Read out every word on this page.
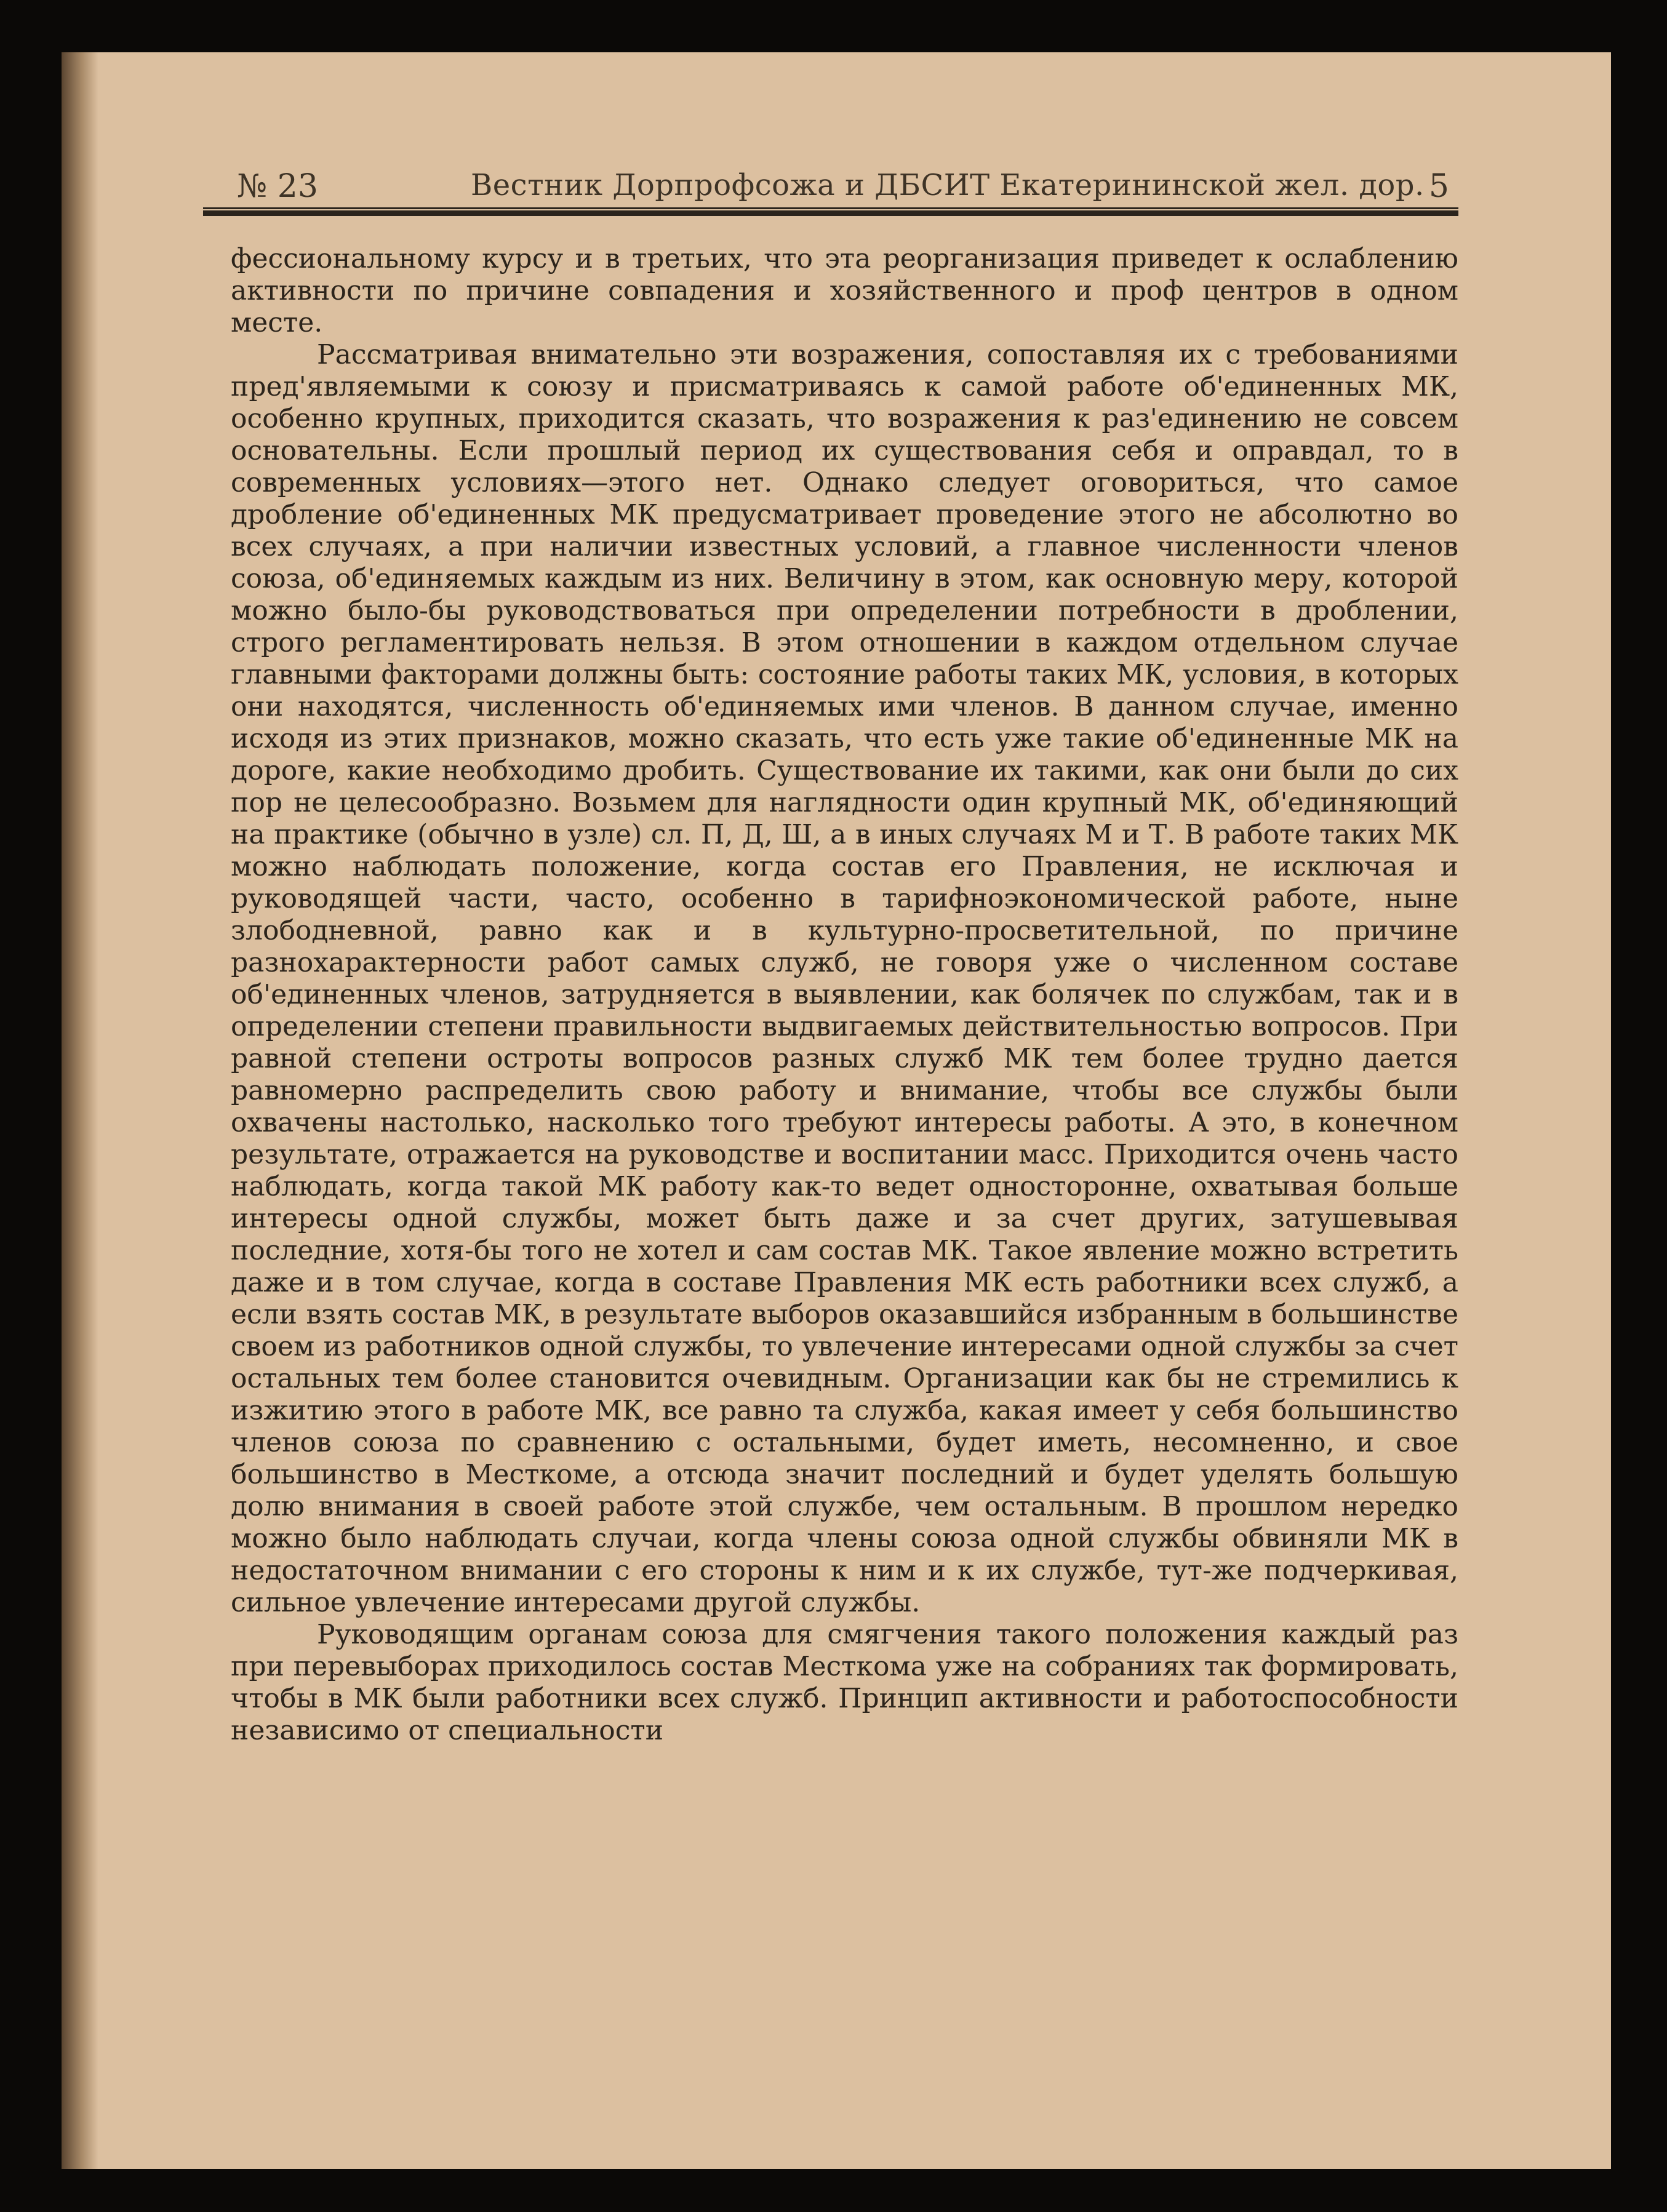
№ 23	Вестник Дорпрофсожа и ДБСИТ Екатерининской жел. дор. 5

фессиональному курсу и в третьих, что эта реорганизация приведет к ослаблению активности по причине совпадения и хозяйственного и проф центров в одном месте.

Рассматривая внимательно эти возражения, сопоставляя их с требованиями пред'являемыми к союзу и присматриваясь к самой работе об'единенных МК, особенно крупных, приходится сказать, что возражения к раз'единению не совсем основательны. Если прошлый период их существования себя и оправдал, то в современных условиях—этого нет. Однако следует оговориться, что самое дробление об'единенных МК предусматривает проведение этого не абсолютно во всех случаях, а при наличии известных условий, а главное численности членов союза, об'единяемых каждым из них. Величину в этом, как основную меру, которой можно было-бы руководствоваться при определении потребности в дроблении, строго регламентировать нельзя. В этом отношении в каждом отдельном случае главными факторами должны быть: состояние работы таких МК, условия, в которых они находятся, численность об'единяемых ими членов. В данном случае, именно исходя из этих признаков, можно сказать, что есть уже такие об'единенные МК на дороге, какие необходимо дробить. Существование их такими, как они были до сих пор не целесообразно. Возьмем для наглядности один крупный МК, об'единяющий на практике (обычно в узле) сл. П, Д, Ш, а в иных случаях М и Т. В работе таких МК можно наблюдать положение, когда состав его Правления, не исключая и руководящей части, часто, особенно в тарифноэкономической работе, ныне злободневной, равно как и в культурно-просветительной, по причине разнохарактерности работ самых служб, не говоря уже о численном составе об'единенных членов, затрудняется в выявлении, как болячек по службам, так и в определении степени правильности выдвигаемых действительностью вопросов. При равной степени остроты вопросов разных служб МК тем более трудно дается равномерно распределить свою работу и внимание, чтобы все службы были охвачены настолько, насколько того требуют интересы работы. А это, в конечном результате, отражается на руководстве и воспитании масс. Приходится очень часто наблюдать, когда такой МК работу как-то ведет односторонне, охватывая больше интересы одной службы, может быть даже и за счет других, затушевывая последние, хотя-бы того не хотел и сам состав МК. Такое явление можно встретить даже и в том случае, когда в составе Правления МК есть работники всех служб, а если взять состав МК, в результате выборов оказавшийся избранным в большинстве своем из работников одной службы, то увлечение интересами одной службы за счет остальных тем более становится очевидным. Организации как бы не стремились к изжитию этого в работе МК, все равно та служба, какая имеет у себя большинство членов союза по сравнению с остальными, будет иметь, несомненно, и свое большинство в Месткоме, а отсюда значит последний и будет уделять большую долю внимания в своей работе этой службе, чем остальным. В прошлом нередко можно было наблюдать случаи, когда члены союза одной службы обвиняли МК в недостаточном внимании с его стороны к ним и к их службе, тут-же подчеркивая, сильное увлечение интересами другой службы.

Руководящим органам союза для смягчения такого положения каждый раз при перевыборах приходилось состав Месткома уже на собраниях так формировать, чтобы в МК были работники всех служб. Принцип активности и работоспособности независимо от специальности
